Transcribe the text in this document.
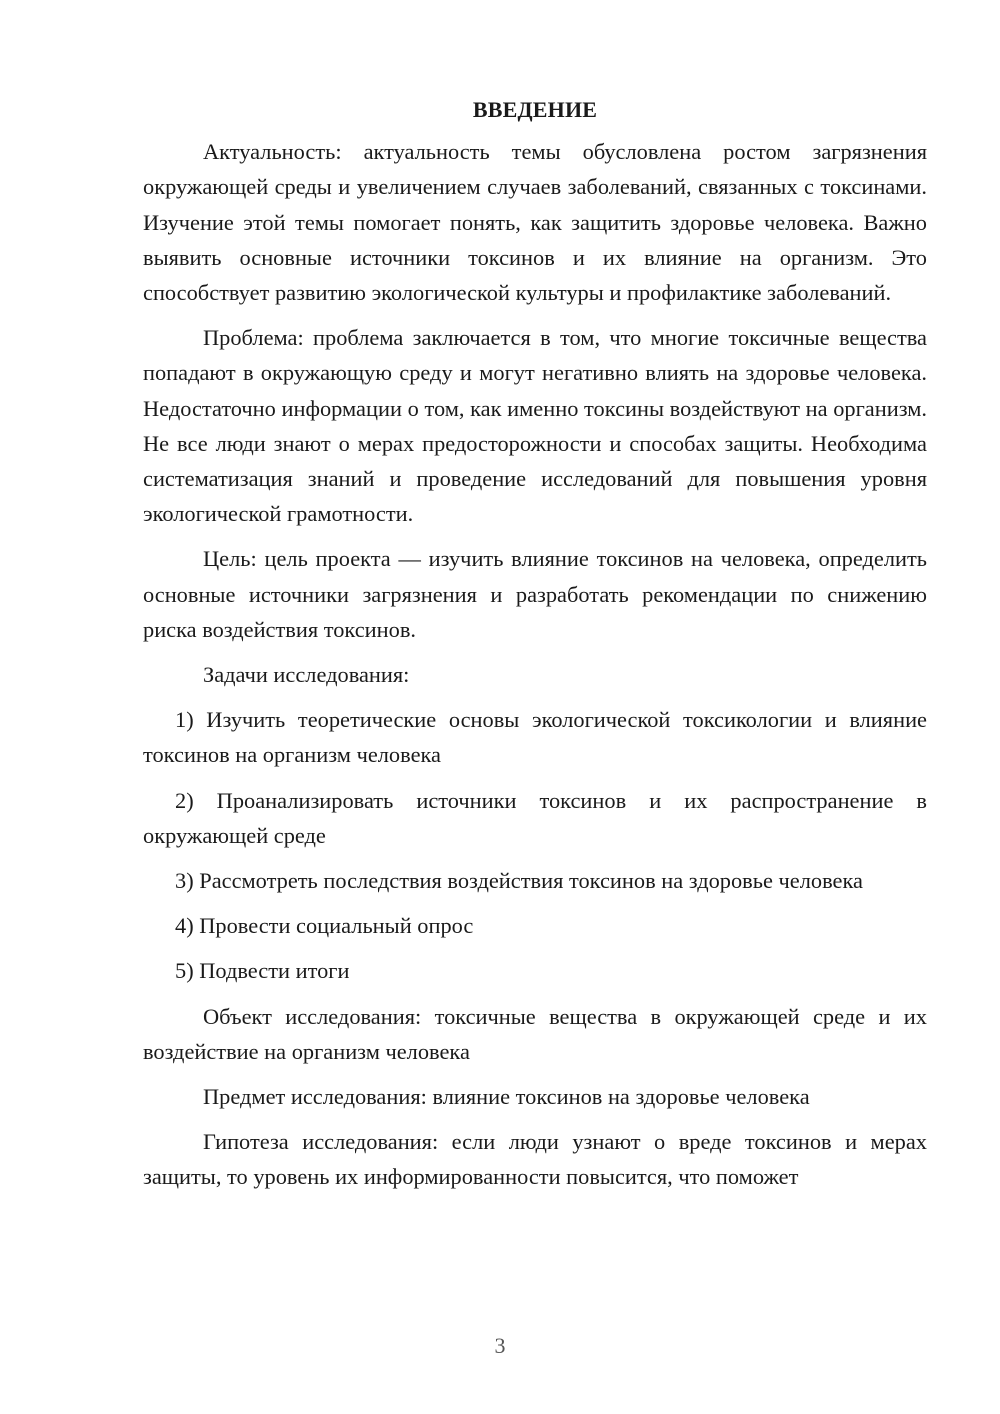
ВВЕДЕНИЕ

Актуальность: актуальность темы обусловлена ростом загрязнения окружающей среды и увеличением случаев заболеваний, связанных с токсинами. Изучение этой темы помогает понять, как защитить здоровье человека. Важно выявить основные источники токсинов и их влияние на организм. Это способствует развитию экологической культуры и профилактике заболеваний.

Проблема: проблема заключается в том, что многие токсичные вещества попадают в окружающую среду и могут негативно влиять на здоровье человека. Недостаточно информации о том, как именно токсины воздействуют на организм. Не все люди знают о мерах предосторожности и способах защиты. Необходима систематизация знаний и проведение исследований для повышения уровня экологической грамотности.

Цель: цель проекта — изучить влияние токсинов на человека, определить основные источники загрязнения и разработать рекомендации по снижению риска воздействия токсинов.

Задачи исследования:

1) Изучить теоретические основы экологической токсикологии и влияние токсинов на организм человека

2) Проанализировать источники токсинов и их распространение в окружающей среде

3) Рассмотреть последствия воздействия токсинов на здоровье человека

4) Провести социальный опрос

5) Подвести итоги

Объект исследования: токсичные вещества в окружающей среде и их воздействие на организм человека

Предмет исследования: влияние токсинов на здоровье человека

Гипотеза исследования: если люди узнают о вреде токсинов и мерах защиты, то уровень их информированности повысится, что поможет

3
